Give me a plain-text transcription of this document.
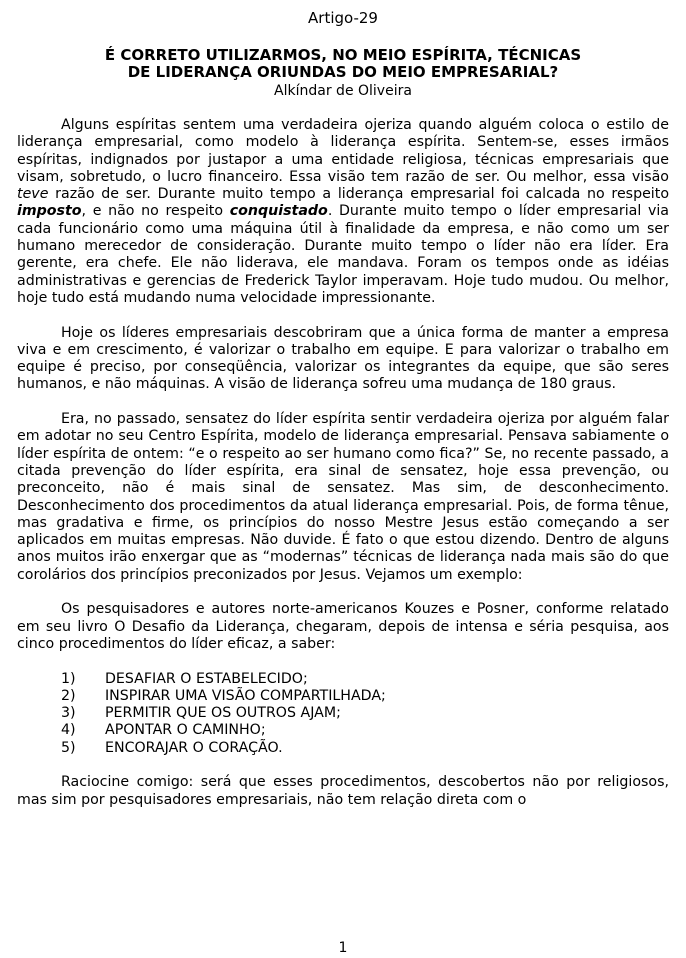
Artigo-29
É CORRETO UTILIZARMOS, NO MEIO ESPÍRITA, TÉCNICAS
DE LIDERANÇA ORIUNDAS DO MEIO EMPRESARIAL?
Alkíndar de Oliveira

Alguns espíritas sentem uma verdadeira ojeriza quando alguém coloca o estilo de liderança empresarial, como modelo à liderança espírita. Sentem-se, esses irmãos espíritas, indignados por justapor a uma entidade religiosa, técnicas empresariais que visam, sobretudo, o lucro financeiro. Essa visão tem razão de ser. Ou melhor, essa visão teve razão de ser. Durante muito tempo a liderança empresarial foi calcada no respeito imposto, e não no respeito conquistado. Durante muito tempo o líder empresarial via cada funcionário como uma máquina útil à finalidade da empresa, e não como um ser humano merecedor de consideração. Durante muito tempo o líder não era líder. Era gerente, era chefe. Ele não liderava, ele mandava. Foram os tempos onde as idéias administrativas e gerencias de Frederick Taylor imperavam. Hoje tudo mudou. Ou melhor, hoje tudo está mudando numa velocidade impressionante.

Hoje os líderes empresariais descobriram que a única forma de manter a empresa viva e em crescimento, é valorizar o trabalho em equipe. E para valorizar o trabalho em equipe é preciso, por conseqüência, valorizar os integrantes da equipe, que são seres humanos, e não máquinas. A visão de liderança sofreu uma mudança de 180 graus.

Era, no passado, sensatez do líder espírita sentir verdadeira ojeriza por alguém falar em adotar no seu Centro Espírita, modelo de liderança empresarial. Pensava sabiamente o líder espírita de ontem: “e o respeito ao ser humano como fica?” Se, no recente passado, a citada prevenção do líder espírita, era sinal de sensatez, hoje essa prevenção, ou preconceito, não é mais sinal de sensatez. Mas sim, de desconhecimento. Desconhecimento dos procedimentos da atual liderança empresarial. Pois, de forma tênue, mas gradativa e firme, os princípios do nosso Mestre Jesus estão começando a ser aplicados em muitas empresas. Não duvide. É fato o que estou dizendo. Dentro de alguns anos muitos irão enxergar que as “modernas” técnicas de liderança nada mais são do que corolários dos princípios preconizados por Jesus. Vejamos um exemplo:

Os pesquisadores e autores norte-americanos Kouzes e Posner, conforme relatado em seu livro O Desafio da Liderança, chegaram, depois de intensa e séria pesquisa, aos cinco procedimentos do líder eficaz, a saber:

1)	DESAFIAR O ESTABELECIDO;
2)	INSPIRAR UMA VISÃO COMPARTILHADA;
3)	PERMITIR QUE OS OUTROS AJAM;
4)	APONTAR O CAMINHO;
5)	ENCORAJAR O CORAÇÃO.

Raciocine comigo: será que esses procedimentos, descobertos não por religiosos, mas sim por pesquisadores empresariais, não tem relação direta com o

1
